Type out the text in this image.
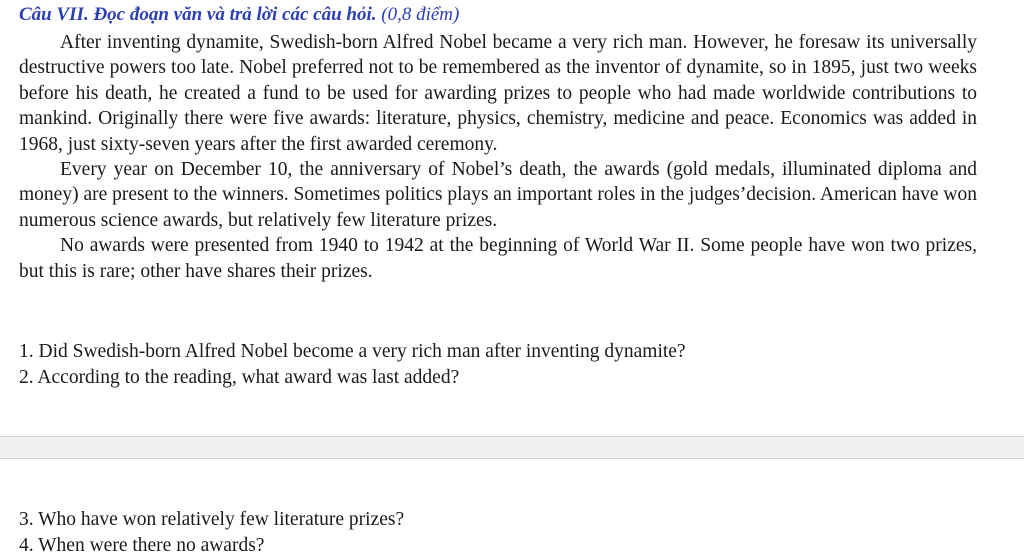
Câu VII. Đọc đoạn văn và trả lời các câu hỏi. (0,8 điểm)

After inventing dynamite, Swedish-born Alfred Nobel became a very rich man. However, he foresaw its universally destructive powers too late. Nobel preferred not to be remembered as the inventor of dynamite, so in 1895, just two weeks before his death, he created a fund to be used for awarding prizes to people who had made worldwide contributions to mankind. Originally there were five awards: literature, physics, chemistry, medicine and peace. Economics was added in 1968, just sixty-seven years after the first awarded ceremony.

Every year on December 10, the anniversary of Nobel’s death, the awards (gold medals, illuminated diploma and money) are present to the winners. Sometimes politics plays an important roles in the judges’decision. American have won numerous science awards, but relatively few literature prizes.

No awards were presented from 1940 to 1942 at the beginning of World War II. Some people have won two prizes, but this is rare; other have shares their prizes.

1. Did Swedish-born Alfred Nobel become a very rich man after inventing dynamite?
2. According to the reading, what award was last added?
3. Who have won relatively few literature prizes?
4. When were there no awards?
